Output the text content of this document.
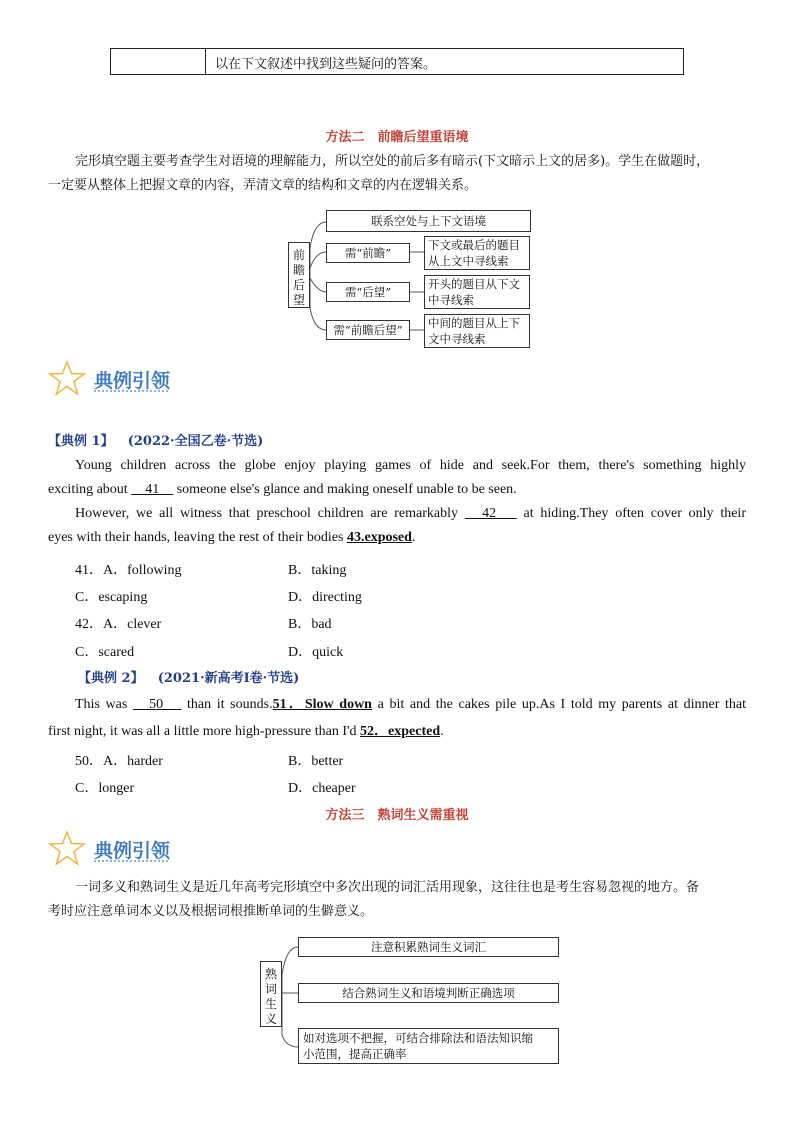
以在下文叙述中找到这些疑问的答案。
方法二　前瞻后望重语境
完形填空题主要考查学生对语境的理解能力，所以空处的前后多有暗示(下文暗示上文的居多)。学生在做题时，
一定要从整体上把握文章的内容，弄清文章的结构和文章的内在逻辑关系。
前
瞻
后
望
联系空处与上下文语境
需“前瞻”
下文或最后的题目
从上文中寻线索
需“后望”
开头的题目从下文
中寻线索
需“前瞻后望”	中间的题目从上下
文中寻线索
典例引领
【典例 1】 (2022·全国乙卷·节选)
Young children across the globe enjoy playing games of hide and seek.For them, there's something highly
exciting about 　41　 someone else's glance and making oneself unable to be seen.
However, we all witness that preschool children are remarkably 　42　 at hiding.They often cover only their
eyes with their hands, leaving the rest of their bodies 43.exposed.
41．A．following	B．taking
C．escaping	D．directing
42．A．clever	B．bad
C．scared	D．quick
【典例 2】 (2021·新高考Ⅰ卷·节选)
This was 　50　 than it sounds.51．Slow down a bit and the cakes pile up.As I told my parents at dinner that
first night, it was all a little more high-pressure than I'd 52．expected.
50．A．harder	B．better
C．longer	D．cheaper
方法三　熟词生义需重视
典例引领
一词多义和熟词生义是近几年高考完形填空中多次出现的词汇活用现象，这往往也是考生容易忽视的地方。备
考时应注意单词本义以及根据词根推断单词的生僻意义。
熟
词
生
义
注意积累熟词生义词汇
结合熟词生义和语境判断正确选项
如对选项不把握，可结合排除法和语法知识缩
小范围，提高正确率
